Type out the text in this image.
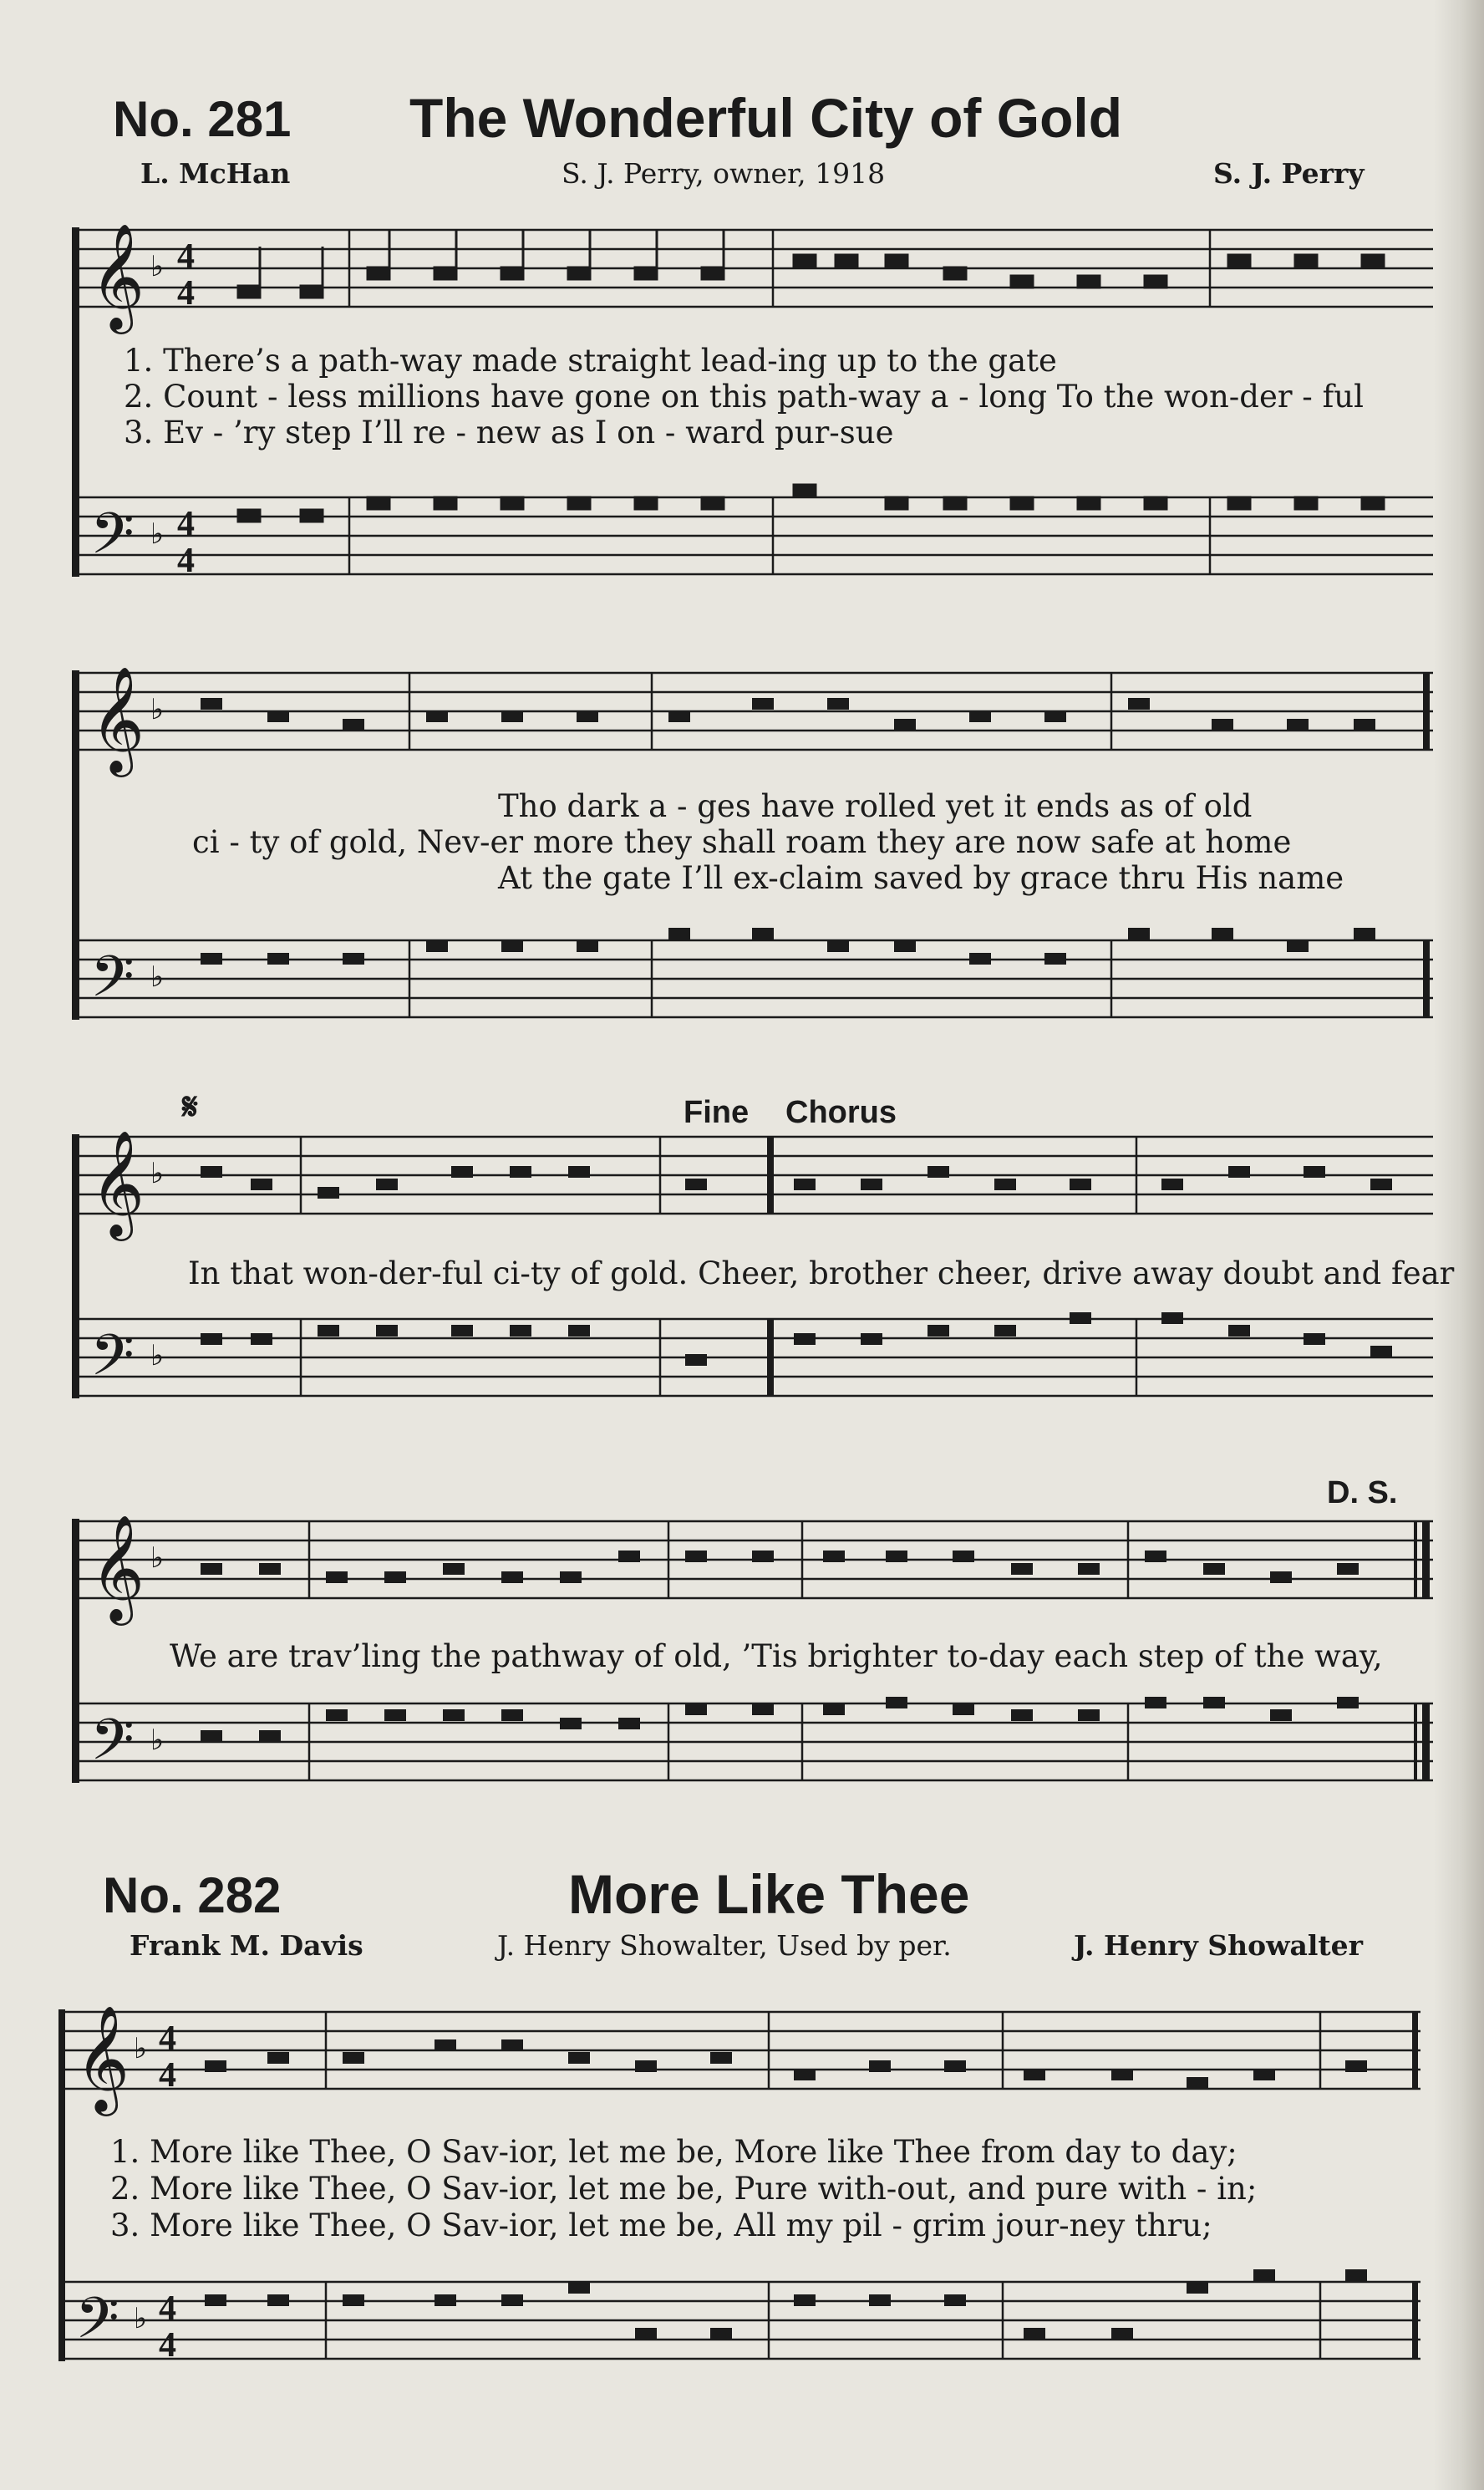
No. 281 The Wonderful City of Gold
L. McHan	S. J. Perry, owner, 1918	S. J. Perry
𝄞
𝄢
♭
♭
4
4
4
4
1. There’s a path-way made straight lead-ing up to the gate
2. Count - less millions have gone on this path-way a - long To the won-der - ful
3. Ev - ’ry step I’ll re - new as I on - ward pur-sue
𝄞
𝄢
♭
♭
Tho dark a - ges have rolled yet it ends as of old
ci - ty of gold, Nev-er more they shall roam they are now safe at home
At the gate I’ll ex-claim saved by grace thru His name
𝄋	Fine Chorus
𝄞
𝄢
♭
♭
In that won-der-ful ci-ty of gold. Cheer, brother cheer, drive away doubt and fear
D. S.
𝄞
𝄢
♭
♭
We are trav’ling the pathway of old, ’Tis brighter to-day each step of the way,
No. 282	More Like Thee
Frank M. Davis	J. Henry Showalter, Used by per.	J. Henry Showalter
𝄞
𝄢
♭
♭
4
4
4
4
1. More like Thee, O Sav-ior, let me be, More like Thee from day to day;
2. More like Thee, O Sav-ior, let me be, Pure with-out, and pure with - in;
3. More like Thee, O Sav-ior, let me be, All my pil - grim jour-ney thru;
